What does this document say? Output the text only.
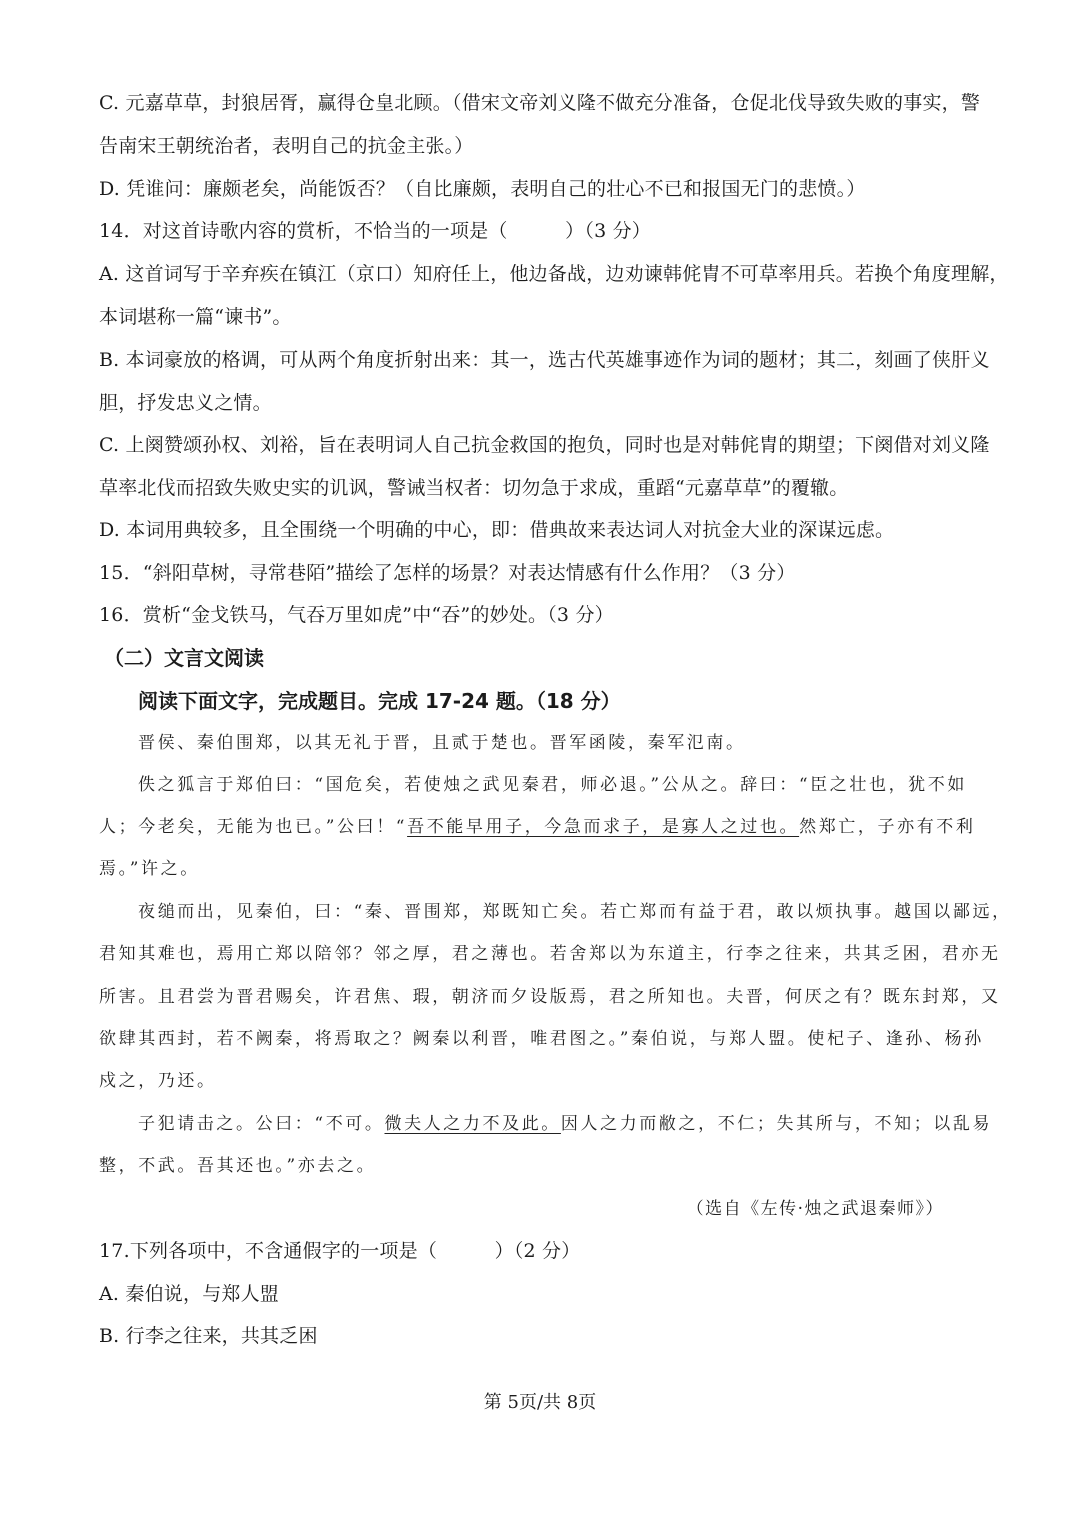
C. 元嘉草草，封狼居胥，赢得仓皇北顾。（借宋文帝刘义隆不做充分准备，仓促北伐导致失败的事实，警
告南宋王朝统治者，表明自己的抗金主张。）
D. 凭谁问：廉颇老矣，尚能饭否？（自比廉颇，表明自己的壮心不已和报国无门的悲愤。）
14．对这首诗歌内容的赏析，不恰当的一项是（　　　）（3 分）
A. 这首词写于辛弃疾在镇江（京口）知府任上，他边备战，边劝谏韩侂胄不可草率用兵。若换个角度理解，
本词堪称一篇“谏书”。
B. 本词豪放的格调，可从两个角度折射出来：其一，选古代英雄事迹作为词的题材；其二，刻画了侠肝义
胆，抒发忠义之情。
C. 上阕赞颂孙权、刘裕，旨在表明词人自己抗金救国的抱负，同时也是对韩侂胄的期望；下阕借对刘义隆
草率北伐而招致失败史实的讥讽，警诫当权者：切勿急于求成，重蹈“元嘉草草”的覆辙。
D. 本词用典较多，且全围绕一个明确的中心，即：借典故来表达词人对抗金大业的深谋远虑。
15．“斜阳草树，寻常巷陌”描绘了怎样的场景？对表达情感有什么作用？（3 分）
16．赏析“金戈铁马，气吞万里如虎”中“吞”的妙处。（3 分）
（二）文言文阅读
阅读下面文字，完成题目。完成 17-24 题。（18 分）
晋侯、秦伯围郑，以其无礼于晋，且贰于楚也。晋军函陵，秦军氾南。
佚之狐言于郑伯曰：“国危矣，若使烛之武见秦君，师必退。”公从之。辞曰：“臣之壮也，犹不如
人；今老矣，无能为也已。”公曰！“吾不能早用子，今急而求子，是寡人之过也。然郑亡，子亦有不利
焉。”许之。
夜缒而出，见秦伯，曰：“秦、晋围郑，郑既知亡矣。若亡郑而有益于君，敢以烦执事。越国以鄙远，
君知其难也，焉用亡郑以陪邻？邻之厚，君之薄也。若舍郑以为东道主，行李之往来，共其乏困，君亦无
所害。且君尝为晋君赐矣，许君焦、瑕，朝济而夕设版焉，君之所知也。夫晋，何厌之有？既东封郑，又
欲肆其西封，若不阙秦，将焉取之？阙秦以利晋，唯君图之。”秦伯说，与郑人盟。使杞子、逢孙、杨孙
戍之，乃还。
子犯请击之。公曰：“不可。微夫人之力不及此。因人之力而敝之，不仁；失其所与，不知；以乱易
整，不武。吾其还也。”亦去之。
（选自《左传·烛之武退秦师》）
17.下列各项中，不含通假字的一项是（　　　）（2 分）
A. 秦伯说，与郑人盟
B. 行李之往来，共其乏困
第 5页/共 8页
